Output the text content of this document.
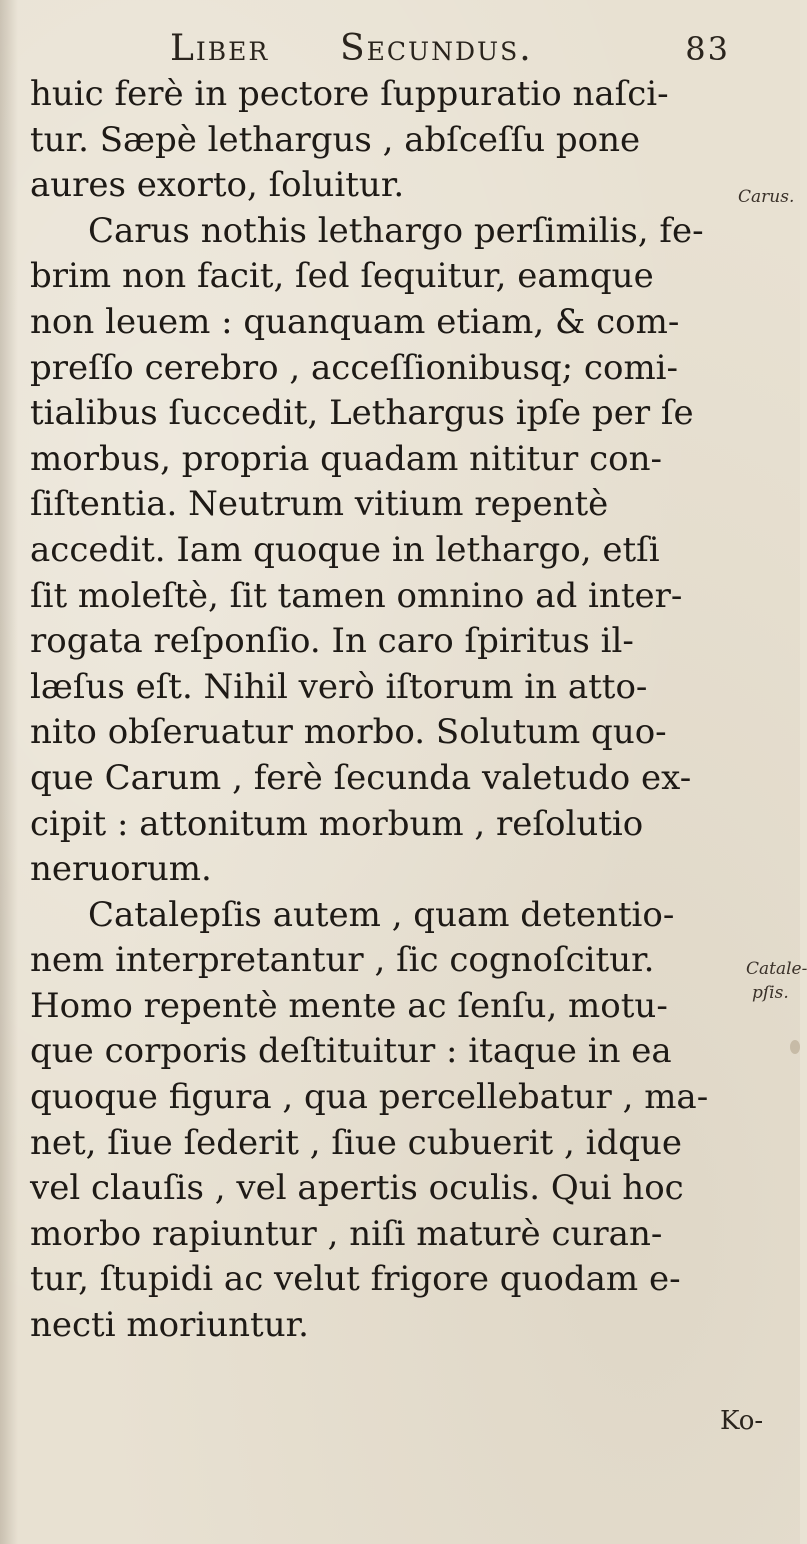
Liber Secundus.	83
huic ferè in pectore ſuppuratio naſci-
tur. Sæpè lethargus , abſceſſu pone
aures exorto, ſoluitur.
Carus nothis lethargo perſimilis, fe-
brim non facit, ſed ſequitur, eamque
non leuem : quanquam etiam, & com-
preſſo cerebro , acceſſionibusq; comi-
tialibus ſuccedit, Lethargus ipſe per ſe
morbus, propria quadam nititur con-
ſiſtentia. Neutrum vitium repentè
accedit. Iam quoque in lethargo, etſi
ſit moleſtè, ſit tamen omnino ad inter-
rogata reſponſio. In caro ſpiritus il-
læſus eſt. Nihil verò iſtorum in atto-
nito obſeruatur morbo. Solutum quo-
que Carum , ferè ſecunda valetudo ex-
cipit : attonitum morbum , reſolutio
neruorum.
Catalepſis autem , quam detentio-
nem interpretantur , ſic cognoſcitur.
Homo repentè mente ac ſenſu, motu-
que corporis deſtituitur : itaque in ea
quoque figura , qua percellebatur , ma-
net, ſiue ſederit , ſiue cubuerit , idque
vel clauſis , vel apertis oculis. Qui hoc
morbo rapiuntur , niſi maturè curan-
tur, ſtupidi ac velut frigore quodam e-
necti moriuntur.
Carus.
Catale-
pſis.
Ko-
